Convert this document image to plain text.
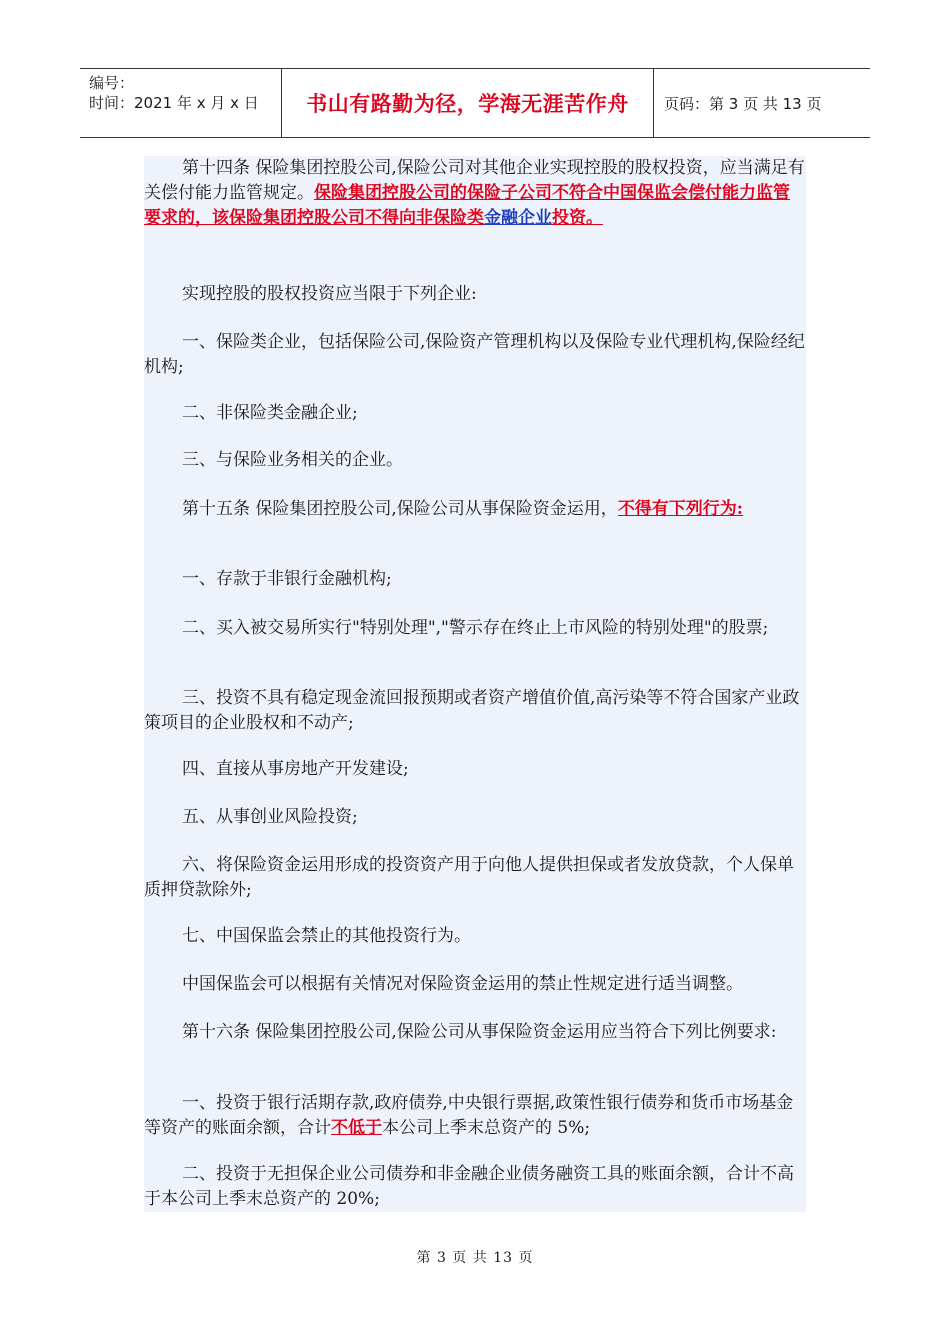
编号：
时间：2021 年 x 月 x 日	书山有路勤为径，学海无涯苦作舟	页码：第 3 页 共 13 页

第十四条 保险集团控股公司,保险公司对其他企业实现控股的股权投资，应当满足有关偿付能力监管规定。保险集团控股公司的保险子公司不符合中国保监会偿付能力监管要求的，该保险集团控股公司不得向非保险类金融企业投资。

实现控股的股权投资应当限于下列企业:

一、保险类企业，包括保险公司,保险资产管理机构以及保险专业代理机构,保险经纪机构;

二、非保险类金融企业;

三、与保险业务相关的企业。

第十五条 保险集团控股公司,保险公司从事保险资金运用，不得有下列行为:

一、存款于非银行金融机构;

二、买入被交易所实行"特别处理","警示存在终止上市风险的特别处理"的股票;

三、投资不具有稳定现金流回报预期或者资产增值价值,高污染等不符合国家产业政策项目的企业股权和不动产;

四、直接从事房地产开发建设;

五、从事创业风险投资;

六、将保险资金运用形成的投资资产用于向他人提供担保或者发放贷款，个人保单质押贷款除外;

七、中国保监会禁止的其他投资行为。

中国保监会可以根据有关情况对保险资金运用的禁止性规定进行适当调整。

第十六条 保险集团控股公司,保险公司从事保险资金运用应当符合下列比例要求:

一、投资于银行活期存款,政府债券,中央银行票据,政策性银行债券和货币市场基金等资产的账面余额，合计不低于本公司上季末总资产的 5%;

二、投资于无担保企业公司债券和非金融企业债务融资工具的账面余额，合计不高于本公司上季末总资产的 20%;

第 3 页 共 13 页
